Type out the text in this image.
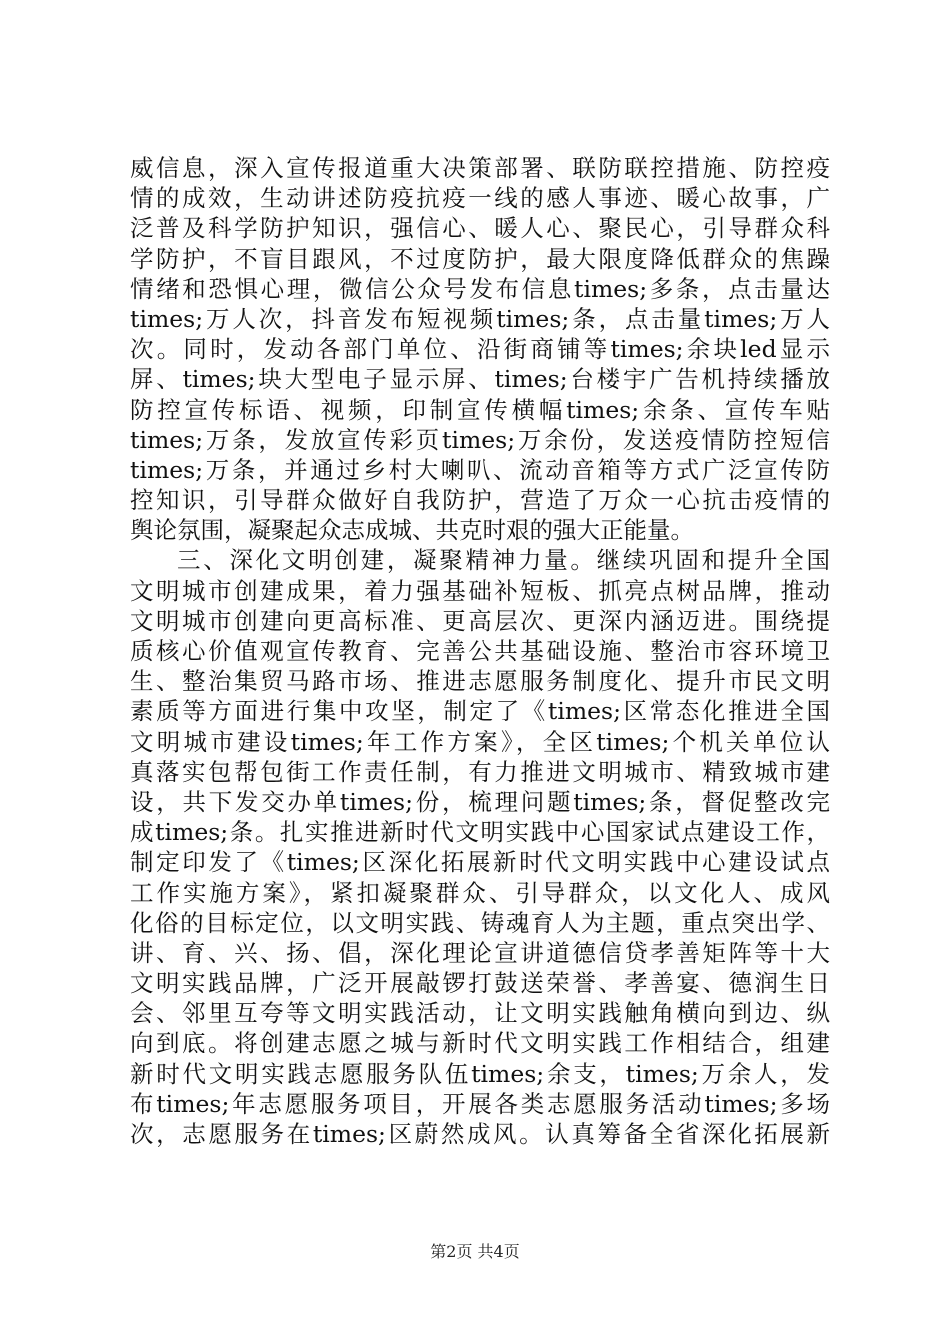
威信息，深入宣传报道重大决策部署、联防联控措施、防控疫
情的成效，生动讲述防疫抗疫一线的感人事迹、暖心故事，广
泛普及科学防护知识，强信心、暖人心、聚民心，引导群众科
学防护，不盲目跟风，不过度防护，最大限度降低群众的焦躁
情绪和恐惧心理，微信公众号发布信息times;多条，点击量达
times;万人次，抖音发布短视频times;条，点击量times;万人
次。同时，发动各部门单位、沿街商铺等times;余块led显示
屏、times;块大型电子显示屏、times;台楼宇广告机持续播放
防控宣传标语、视频，印制宣传横幅times;余条、宣传车贴
times;万条，发放宣传彩页times;万余份，发送疫情防控短信
times;万条，并通过乡村大喇叭、流动音箱等方式广泛宣传防
控知识，引导群众做好自我防护，营造了万众一心抗击疫情的
舆论氛围，凝聚起众志成城、共克时艰的强大正能量。
三、深化文明创建，凝聚精神力量。继续巩固和提升全国
文明城市创建成果，着力强基础补短板、抓亮点树品牌，推动
文明城市创建向更高标准、更高层次、更深内涵迈进。围绕提
质核心价值观宣传教育、完善公共基础设施、整治市容环境卫
生、整治集贸马路市场、推进志愿服务制度化、提升市民文明
素质等方面进行集中攻坚，制定了《times;区常态化推进全国
文明城市建设times;年工作方案》，全区times;个机关单位认
真落实包帮包街工作责任制，有力推进文明城市、精致城市建
设，共下发交办单times;份，梳理问题times;条，督促整改完
成times;条。扎实推进新时代文明实践中心国家试点建设工作，
制定印发了《times;区深化拓展新时代文明实践中心建设试点
工作实施方案》，紧扣凝聚群众、引导群众，以文化人、成风
化俗的目标定位，以文明实践、铸魂育人为主题，重点突出学、
讲、育、兴、扬、倡，深化理论宣讲道德信贷孝善矩阵等十大
文明实践品牌，广泛开展敲锣打鼓送荣誉、孝善宴、德润生日
会、邻里互夸等文明实践活动，让文明实践触角横向到边、纵
向到底。将创建志愿之城与新时代文明实践工作相结合，组建
新时代文明实践志愿服务队伍times;余支，times;万余人，发
布times;年志愿服务项目，开展各类志愿服务活动times;多场
次，志愿服务在times;区蔚然成风。认真筹备全省深化拓展新
第2页 共4页
